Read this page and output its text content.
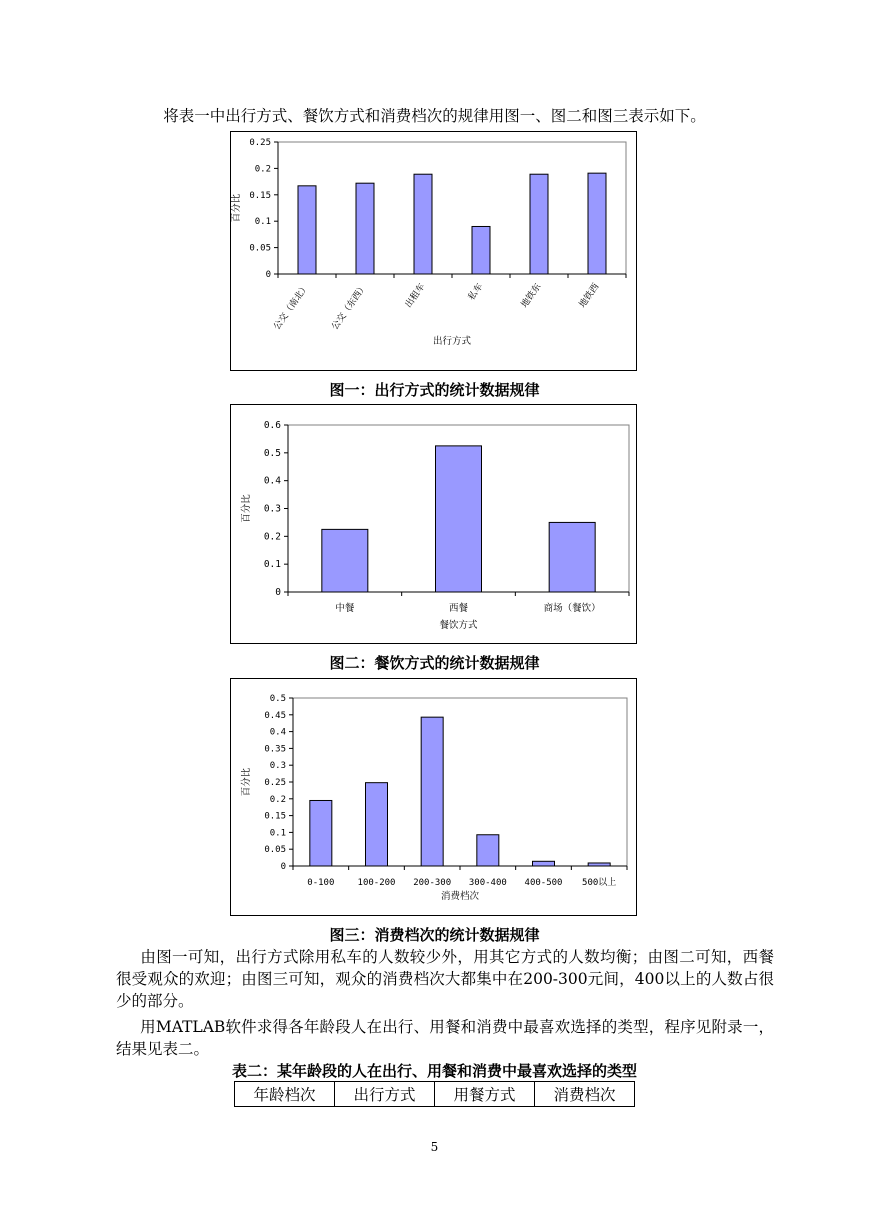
将表一中出行方式、餐饮方式和消费档次的规律用图一、图二和图三表示如下。
0
0.05
0.1
0.15
0.2
0.25
公交（南北） 公交（东西）	出租车	私车	地铁东	地铁西
出行方式
百分比
图一：出行方式的统计数据规律
0
0.1
0.2
0.3
0.4
0.5
0.6
中餐	西餐	商场（餐饮）
餐饮方式
百分比
图二：餐饮方式的统计数据规律
0
0.05
0.1
0.15
0.2
0.25
0.3
0.35
0.4
0.45
0.5
0-100	100-200 200-300 300-400 400-500 500以上
消费档次
百分比
图三：消费档次的统计数据规律

由图一可知，出行方式除用私车的人数较少外，用其它方式的人数均衡；由图二可知，西餐很受观众的欢迎；由图三可知，观众的消费档次大都集中在200-300元间，400以上的人数占很少的部分。

用MATLAB软件求得各年龄段人在出行、用餐和消费中最喜欢选择的类型，程序见附录一，结果见表二。

表二：某年龄段的人在出行、用餐和消费中最喜欢选择的类型
年龄档次	出行方式	用餐方式	消费档次
5
